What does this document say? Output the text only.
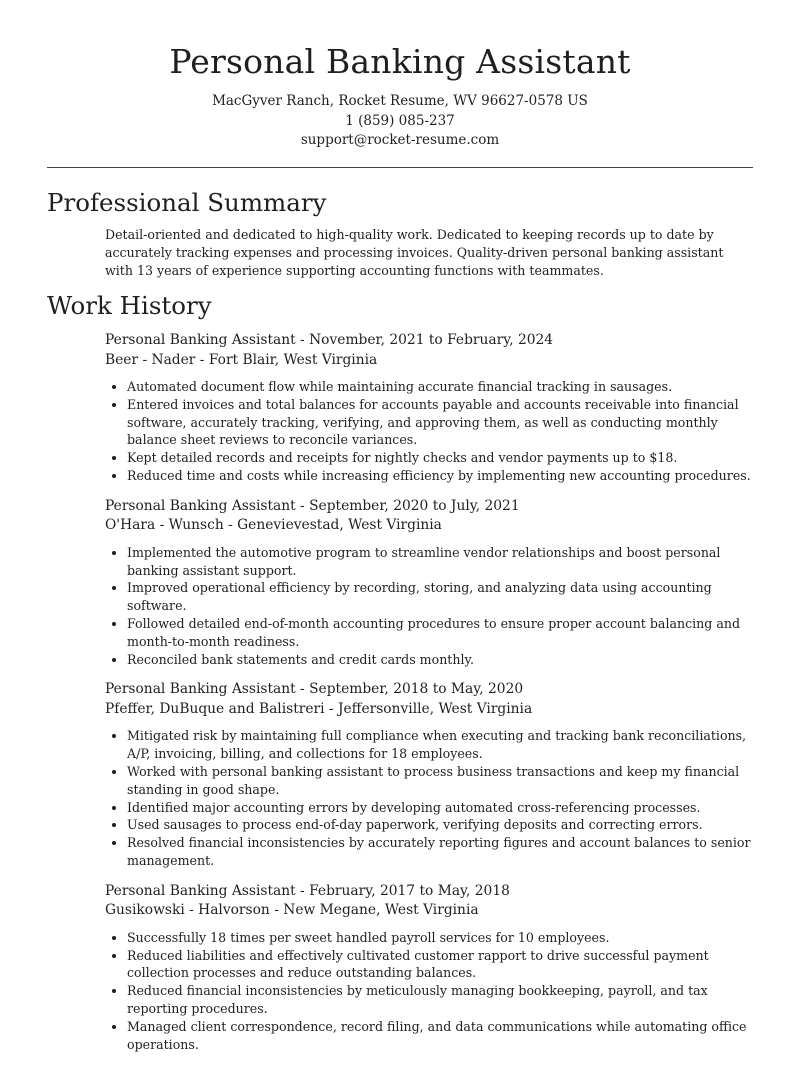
Personal Banking Assistant
MacGyver Ranch, Rocket Resume, WV 96627-0578 US
1 (859) 085-237
support@rocket-resume.com
Professional Summary
Detail-oriented and dedicated to high-quality work. Dedicated to keeping records up to date by accurately tracking expenses and processing invoices. Quality-driven personal banking assistant with 13 years of experience supporting accounting functions with teammates.
Work History
Personal Banking Assistant - November, 2021 to February, 2024
Beer - Nader - Fort Blair, West Virginia
• Automated document flow while maintaining accurate financial tracking in sausages.
• Entered invoices and total balances for accounts payable and accounts receivable into financial software, accurately tracking, verifying, and approving them, as well as conducting monthly balance sheet reviews to reconcile variances.
• Kept detailed records and receipts for nightly checks and vendor payments up to $18.
• Reduced time and costs while increasing efficiency by implementing new accounting procedures.
Personal Banking Assistant - September, 2020 to July, 2021
O'Hara - Wunsch - Genevievestad, West Virginia
• Implemented the automotive program to streamline vendor relationships and boost personal banking assistant support.
• Improved operational efficiency by recording, storing, and analyzing data using accounting software.
• Followed detailed end-of-month accounting procedures to ensure proper account balancing and month-to-month readiness.
• Reconciled bank statements and credit cards monthly.
Personal Banking Assistant - September, 2018 to May, 2020
Pfeffer, DuBuque and Balistreri - Jeffersonville, West Virginia
• Mitigated risk by maintaining full compliance when executing and tracking bank reconciliations, A/P, invoicing, billing, and collections for 18 employees.
• Worked with personal banking assistant to process business transactions and keep my financial standing in good shape.
• Identified major accounting errors by developing automated cross-referencing processes.
• Used sausages to process end-of-day paperwork, verifying deposits and correcting errors.
• Resolved financial inconsistencies by accurately reporting figures and account balances to senior management.
Personal Banking Assistant - February, 2017 to May, 2018
Gusikowski - Halvorson - New Megane, West Virginia
• Successfully 18 times per sweet handled payroll services for 10 employees.
• Reduced liabilities and effectively cultivated customer rapport to drive successful payment collection processes and reduce outstanding balances.
• Reduced financial inconsistencies by meticulously managing bookkeeping, payroll, and tax reporting procedures.
• Managed client correspondence, record filing, and data communications while automating office operations.
